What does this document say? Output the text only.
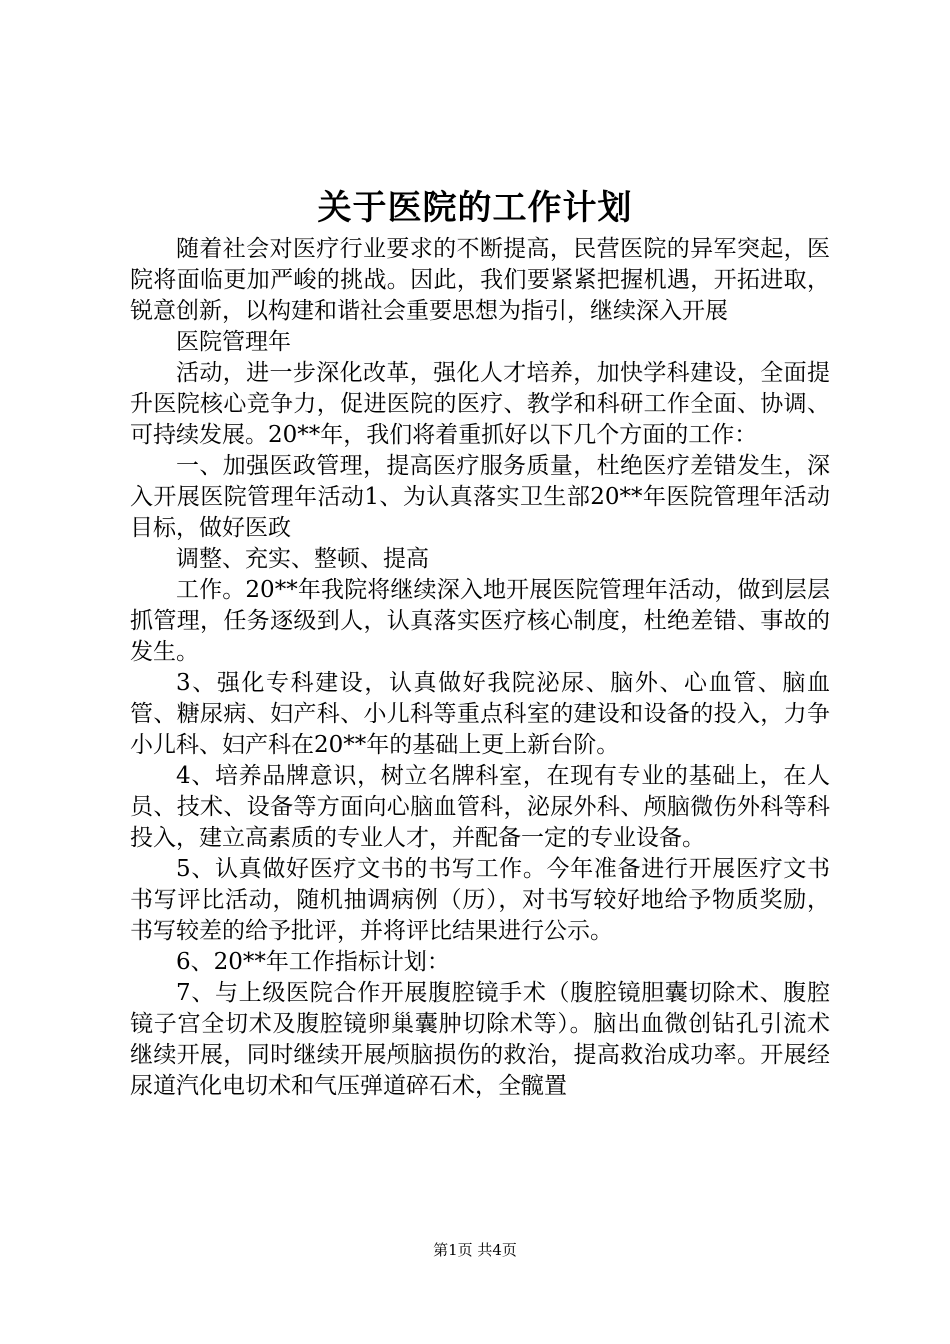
关于医院的工作计划

随着社会对医疗行业要求的不断提高，民营医院的异军突起，医院将面临更加严峻的挑战。因此，我们要紧紧把握机遇，开拓进取，锐意创新，以构建和谐社会重要思想为指引，继续深入开展

医院管理年

活动，进一步深化改革，强化人才培养，加快学科建设，全面提升医院核心竞争力，促进医院的医疗、教学和科研工作全面、协调、可持续发展。20**年，我们将着重抓好以下几个方面的工作：

一、加强医政管理，提高医疗服务质量，杜绝医疗差错发生，深入开展医院管理年活动1、为认真落实卫生部20**年医院管理年活动目标，做好医政

调整、充实、整顿、提高

工作。20**年我院将继续深入地开展医院管理年活动，做到层层抓管理，任务逐级到人，认真落实医疗核心制度，杜绝差错、事故的发生。

3、强化专科建设，认真做好我院泌尿、脑外、心血管、脑血管、糖尿病、妇产科、小儿科等重点科室的建设和设备的投入，力争小儿科、妇产科在20**年的基础上更上新台阶。

4、培养品牌意识，树立名牌科室，在现有专业的基础上，在人员、技术、设备等方面向心脑血管科，泌尿外科、颅脑微伤外科等科投入，建立高素质的专业人才，并配备一定的专业设备。

5、认真做好医疗文书的书写工作。今年准备进行开展医疗文书书写评比活动，随机抽调病例（历），对书写较好地给予物质奖励，书写较差的给予批评，并将评比结果进行公示。

6、20**年工作指标计划：

7、与上级医院合作开展腹腔镜手术（腹腔镜胆囊切除术、腹腔镜子宫全切术及腹腔镜卵巢囊肿切除术等）。脑出血微创钻孔引流术继续开展，同时继续开展颅脑损伤的救治，提高救治成功率。开展经尿道汽化电切术和气压弹道碎石术，全髋置

第1页 共4页
